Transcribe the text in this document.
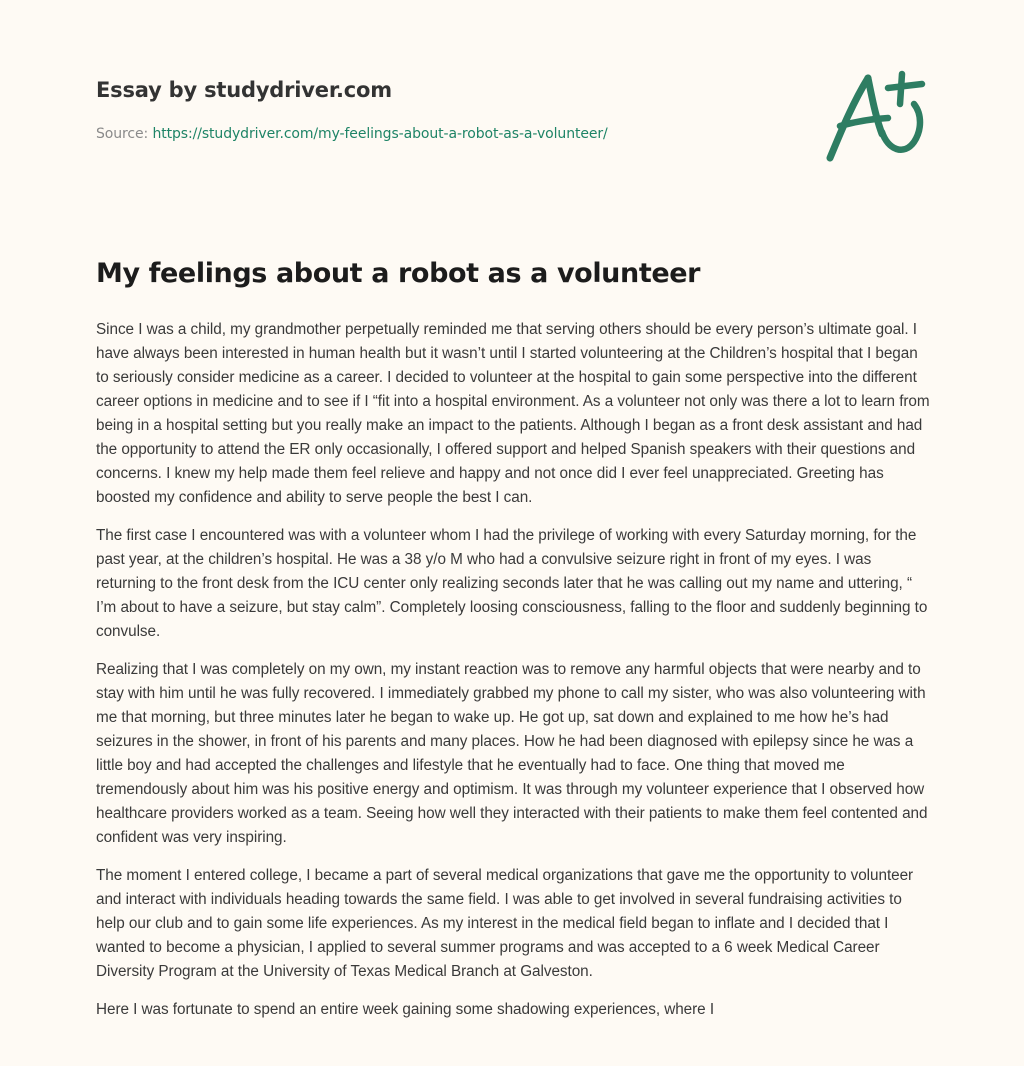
Essay by studydriver.com
Source: https://studydriver.com/my-feelings-about-a-robot-as-a-volunteer/
My feelings about a robot as a volunteer

Since I was a child, my grandmother perpetually reminded me that serving others should be every person’s ultimate goal. I have always been interested in human health but it wasn’t until I started volunteering at the Children’s hospital that I began to seriously consider medicine as a career. I decided to volunteer at the hospital to gain some perspective into the different career options in medicine and to see if I “fit into a hospital environment. As a volunteer not only was there a lot to learn from being in a hospital setting but you really make an impact to the patients. Although I began as a front desk assistant and had the opportunity to attend the ER only occasionally, I offered support and helped Spanish speakers with their questions and concerns. I knew my help made them feel relieve and happy and not once did I ever feel unappreciated. Greeting has boosted my confidence and ability to serve people the best I can.

The first case I encountered was with a volunteer whom I had the privilege of working with every Saturday morning, for the past year, at the children’s hospital. He was a 38 y/o M who had a convulsive seizure right in front of my eyes. I was returning to the front desk from the ICU center only realizing seconds later that he was calling out my name and uttering, “ I’m about to have a seizure, but stay calm”. Completely loosing consciousness, falling to the floor and suddenly beginning to convulse.

Realizing that I was completely on my own, my instant reaction was to remove any harmful objects that were nearby and to stay with him until he was fully recovered. I immediately grabbed my phone to call my sister, who was also volunteering with me that morning, but three minutes later he began to wake up. He got up, sat down and explained to me how he’s had seizures in the shower, in front of his parents and many places. How he had been diagnosed with epilepsy since he was a little boy and had accepted the challenges and lifestyle that he eventually had to face. One thing that moved me tremendously about him was his positive energy and optimism. It was through my volunteer experience that I observed how healthcare providers worked as a team. Seeing how well they interacted with their patients to make them feel contented and confident was very inspiring.

The moment I entered college, I became a part of several medical organizations that gave me the opportunity to volunteer and interact with individuals heading towards the same field. I was able to get involved in several fundraising activities to help our club and to gain some life experiences. As my interest in the medical field began to inflate and I decided that I wanted to become a physician, I applied to several summer programs and was accepted to a 6 week Medical Career Diversity Program at the University of Texas Medical Branch at Galveston.

Here I was fortunate to spend an entire week gaining some shadowing experiences, where I
